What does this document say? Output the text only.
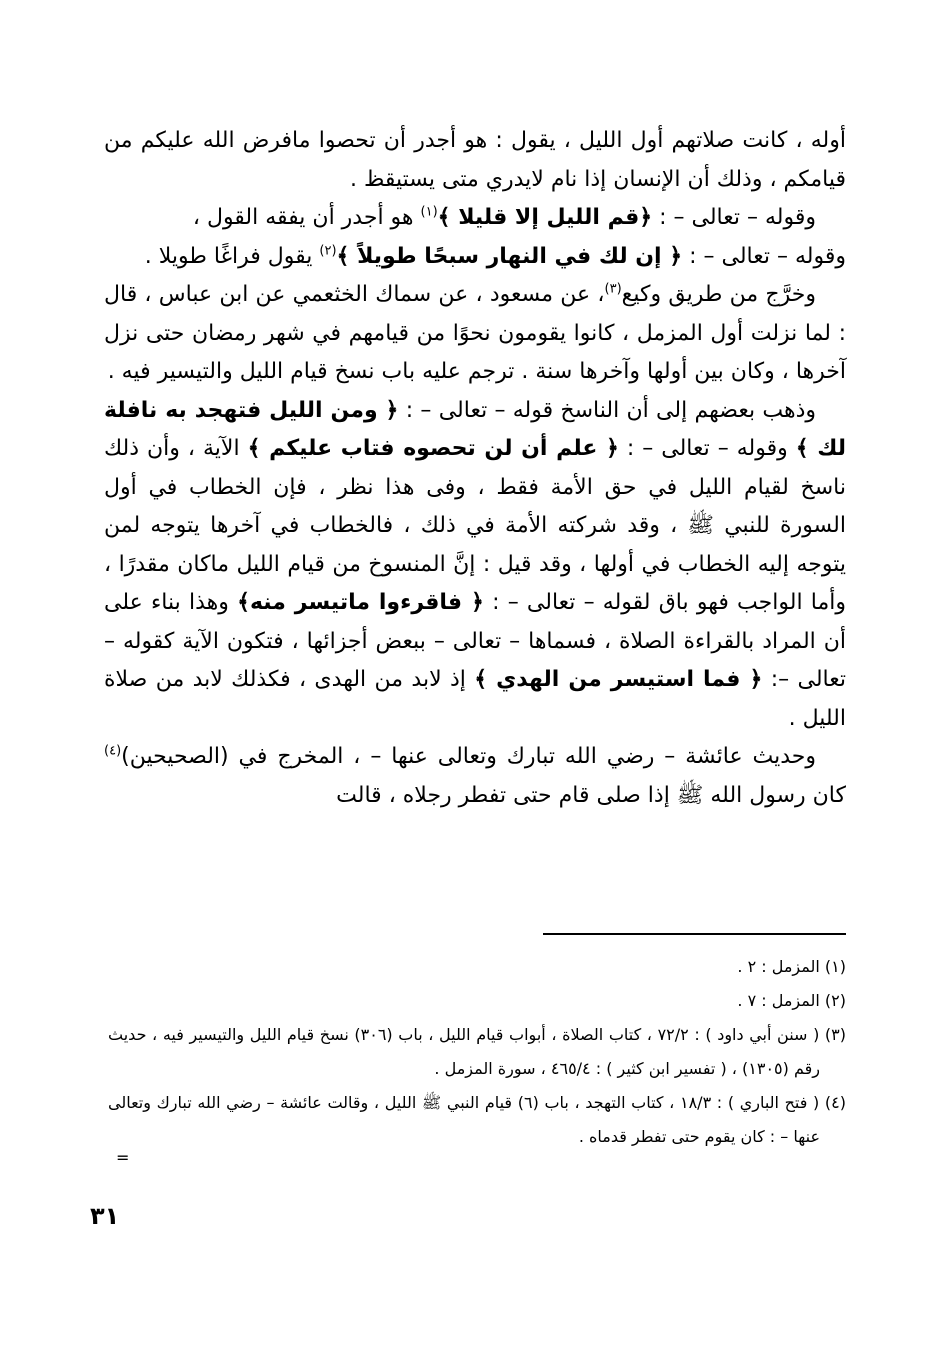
أوله ، كانت صلاتهم أول الليل ، يقول : هو أجدر أن تحصوا مافرض الله عليكم من قيامكم ، وذلك أن الإنسان إذا نام لايدري متى يستيقظ .

وقوله – تعالى – : ﴿قم الليل إلا قليلا ﴾$^{(١)}$ هو أجدر أن يفقه القول ،

وقوله – تعالى – : ﴿ إن لك في النهار سبحًا طويلاً ﴾$^{(٢)}$ يقول فراغًا طويلا .

وخرَّج من طريق وكيع$^{(٣)}$، عن مسعود ، عن سماك الخثعمي عن ابن عباس ، قال : لما نزلت أول المزمل ، كانوا يقومون نحوًا من قيامهم في شهر رمضان حتى نزل آخرها ، وكان بين أولها وآخرها سنة . ترجم عليه باب نسخ قيام الليل والتيسير فيه .

وذهب بعضهم إلى أن الناسخ قوله – تعالى – : ﴿ ومن الليل فتهجد به نافلة لك ﴾ وقوله – تعالى – : ﴿ علم أن لن تحصوه فتاب عليكم ﴾ الآية ، وأن ذلك ناسخ لقيام الليل في حق الأمة فقط ، وفى هذا نظر ، فإن الخطاب في أول السورة للنبي ﷺ ، وقد شركته الأمة في ذلك ، فالخطاب في آخرها يتوجه لمن يتوجه إليه الخطاب في أولها ، وقد قيل : إنَّ المنسوخ من قيام الليل ماكان مقدرًا ، وأما الواجب فهو باق لقوله – تعالى – : ﴿ فاقرءوا ماتيسر منه﴾ وهذا بناء على أن المراد بالقراءة الصلاة ، فسماها – تعالى – ببعض أجزائها ، فتكون الآية كقوله – تعالى –: ﴿ فما استيسر من الهدي ﴾ إذ لابد من الهدى ، فكذلك لابد من صلاة الليل .

وحديث عائشة – رضي الله تبارك وتعالى عنها – ، المخرج في (الصحيحين)$^{(٤)}$ كان رسول الله ﷺ إذا صلى قام حتى تفطر رجلاه ، قالت

(١) المزمل : ٢ .

(٢) المزمل : ٧ .

(٣) ( سنن أبي داود ) : ٧٢/٢ ، كتاب الصلاة ، أبواب قيام الليل ، باب (٣٠٦) نسخ قيام الليل والتيسير فيه ، حديث رقم (١٣٠٥) ، ( تفسير ابن كثير ) : ٤٦٥/٤ ، سورة المزمل .

(٤) ( فتح الباري ) : ١٨/٣ ، كتاب التهجد ، باب (٦) قيام النبي ﷺ الليل ، وقالت عائشة – رضي الله تبارك وتعالى عنها – : كان يقوم حتى تفطر قدماه .

=
٣١
